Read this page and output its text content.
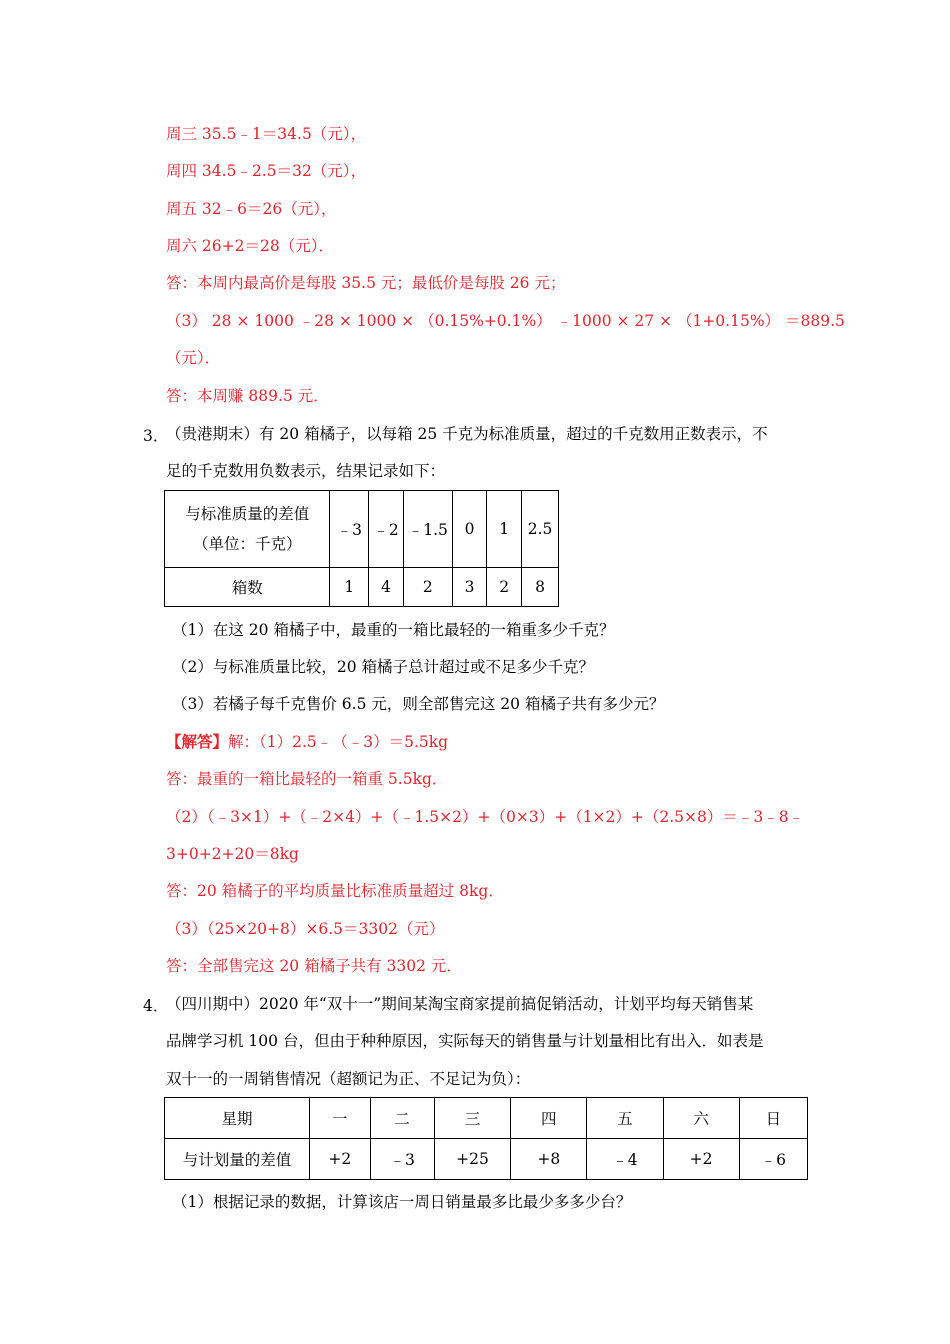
周三 35.5﹣1＝34.5（元），
周四 34.5﹣2.5＝32（元），
周五 32﹣6＝26（元），
周六 26+2＝28（元）．
答：本周内最高价是每股 35.5 元；最低价是每股 26 元；
（3） 28 × 1000 ﹣28 × 1000 × （0.15%+0.1%） ﹣1000 × 27 × （1+0.15%） ＝889.5
（元）．
答：本周赚 889.5 元．
3．
（贵港期末）有 20 箱橘子，以每箱 25 千克为标准质量，超过的千克数用正数表示，不
足的千克数用负数表示，结果记录如下：
与标准质量的差值
（单位：千克）	﹣3	﹣2	﹣1.5	0	1	2.5
箱数	1	4	2	3	2	8
（1）在这 20 箱橘子中，最重的一箱比最轻的一箱重多少千克？
（2）与标准质量比较，20 箱橘子总计超过或不足多少千克？
（3）若橘子每千克售价 6.5 元，则全部售完这 20 箱橘子共有多少元？
【解答】解：（1）2.5﹣（﹣3）＝5.5kg
答：最重的一箱比最轻的一箱重 5.5kg．
（2）（﹣3×1）+（﹣2×4）+（﹣1.5×2）+（0×3）+（1×2）+（2.5×8）＝﹣3﹣8﹣
3+0+2+20＝8kg
答：20 箱橘子的平均质量比标准质量超过 8kg．
（3）（25×20+8）×6.5＝3302（元）
答：全部售完这 20 箱橘子共有 3302 元．
4．
（四川期中）2020 年“双十一”期间某淘宝商家提前搞促销活动，计划平均每天销售某
品牌学习机 100 台，但由于种种原因，实际每天的销售量与计划量相比有出入．如表是
双十一的一周销售情况（超额记为正、不足记为负）：
星期	一	二	三	四	五	六	日
与计划量的差值	+2	﹣3	+25	+8	﹣4	+2	﹣6
（1）根据记录的数据，计算该店一周日销量最多比最少多多少台？
